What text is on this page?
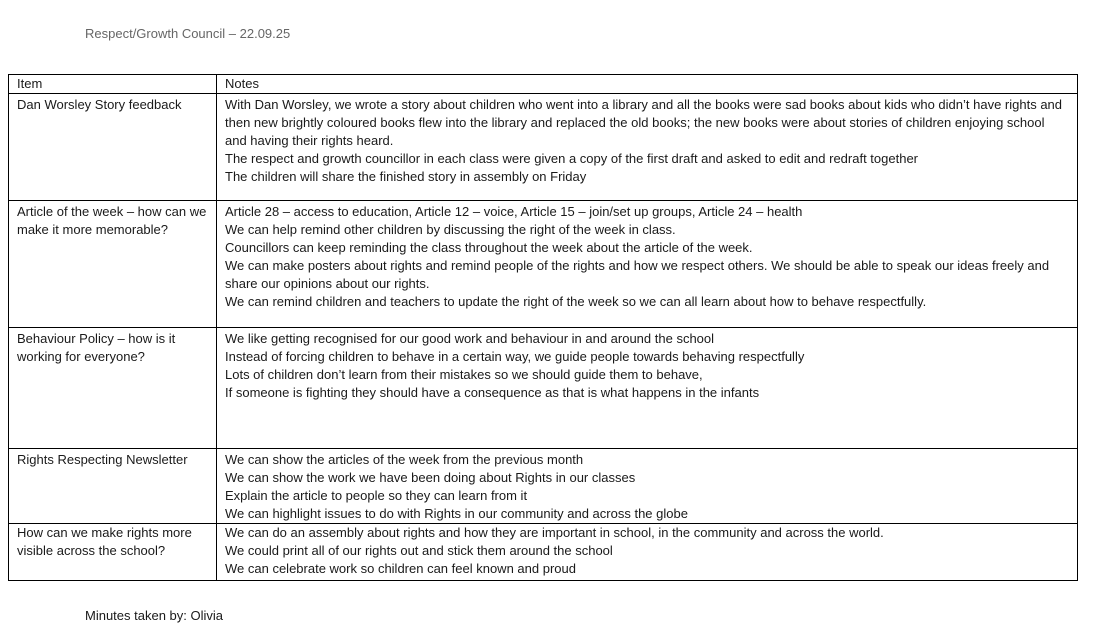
Respect/Growth Council – 22.09.25
Item	Notes
Dan Worsley Story feedback	With Dan Worsley, we wrote a story about children who went into a library and all the books were sad books about kids who didn’t have rights and then new brightly coloured books flew into the library and replaced the old books; the new books were about stories of children enjoying school and having their rights heard.
The respect and growth councillor in each class were given a copy of the first draft and asked to edit and redraft together
The children will share the finished story in assembly on Friday

Article of the week – how can we make it more memorable?	Article 28 – access to education, Article 12 – voice, Article 15 – join/set up groups, Article 24 – health
We can help remind other children by discussing the right of the week in class.
Councillors can keep reminding the class throughout the week about the article of the week.
We can make posters about rights and remind people of the rights and how we respect others. We should be able to speak our ideas freely and share our opinions about our rights.
We can remind children and teachers to update the right of the week so we can all learn about how to behave respectfully.

Behaviour Policy – how is it working for everyone?	We like getting recognised for our good work and behaviour in and around the school
Instead of forcing children to behave in a certain way, we guide people towards behaving respectfully
Lots of children don’t learn from their mistakes so we should guide them to behave,
If someone is fighting they should have a consequence as that is what happens in the infants

Rights Respecting Newsletter	We can show the articles of the week from the previous month
We can show the work we have been doing about Rights in our classes
Explain the article to people so they can learn from it
We can highlight issues to do with Rights in our community and across the globe

How can we make rights more visible across the school?	We can do an assembly about rights and how they are important in school, in the community and across the world.
We could print all of our rights out and stick them around the school
We can celebrate work so children can feel known and proud
Minutes taken by: Olivia
